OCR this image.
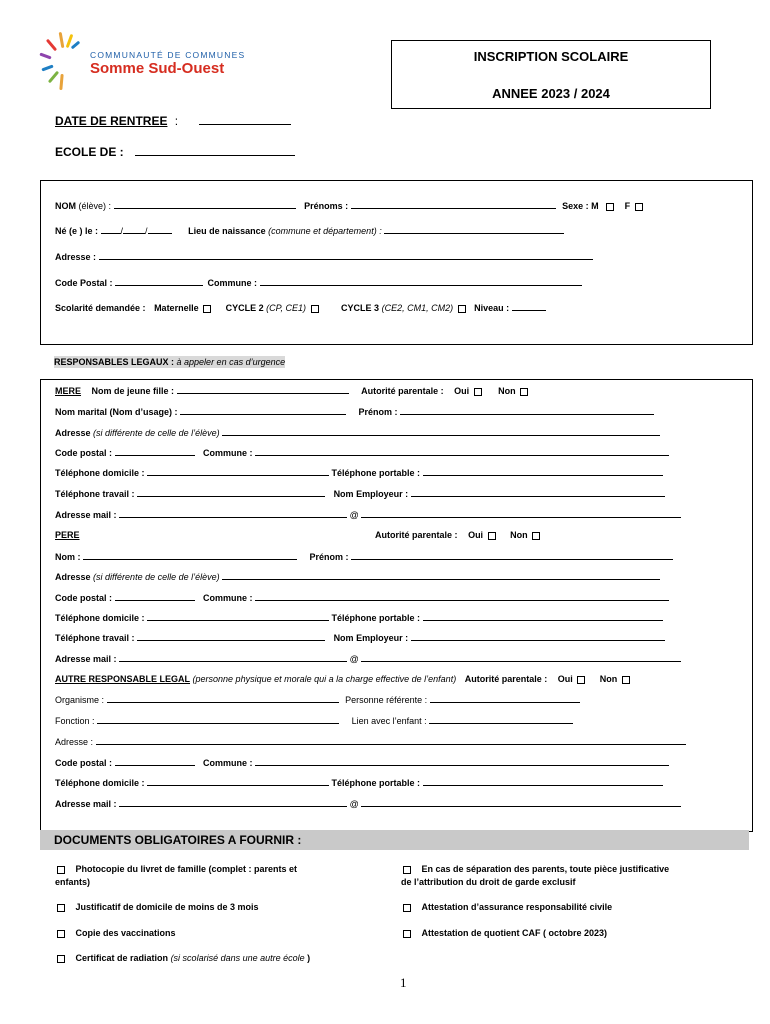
COMMUNAUTÉ DE COMMUNES
Somme Sud-Ouest
INSCRIPTION SCOLAIRE
ANNEE 2023 / 2024
DATE DE RENTREE :
ECOLE DE :
NOM (élève) :	Prénoms :	Sexe : M	F
Né (e ) le :	/ /	Lieu de naissance (commune et département) :
Adresse :
Code Postal :	Commune :
Scolarité demandée : Maternelle	CYCLE 2 (CP, CE1)	CYCLE 3 (CE2, CM1, CM2) Niveau :
RESPONSABLES LEGAUX : à appeler en cas d’urgence
MERE Nom de jeune fille :	Autorité parentale : Oui	Non
Nom marital (Nom d’usage) :	Prénom :
Adresse (si différente de celle de l’élève)
Code postal :	Commune :
Téléphone domicile :	Téléphone portable :
Téléphone travail :	Nom Employeur :
Adresse mail :	@
PERE	Autorité parentale : Oui	Non
Nom :	Prénom :
Adresse (si différente de celle de l’élève)
Code postal :	Commune :
Téléphone domicile :	Téléphone portable :
Téléphone travail :	Nom Employeur :
Adresse mail :	@
AUTRE RESPONSABLE LEGAL (personne physique et morale qui a la charge effective de l’enfant) Autorité parentale : Oui	Non
Organisme :	Personne référente :
Fonction :	Lien avec l’enfant :
Adresse :
Code postal :	Commune :
Téléphone domicile :	Téléphone portable :
Adresse mail :	@
DOCUMENTS OBLIGATOIRES A FOURNIR :
Photocopie du livret de famille (complet : parents et
enfants)
En cas de séparation des parents, toute pièce justificative
de l’attribution du droit de garde exclusif
Justificatif de domicile de moins de 3 mois	Attestation d’assurance responsabilité civile
Copie des vaccinations	Attestation de quotient CAF ( octobre 2023)
Certificat de radiation (si scolarisé dans une autre école )
1
